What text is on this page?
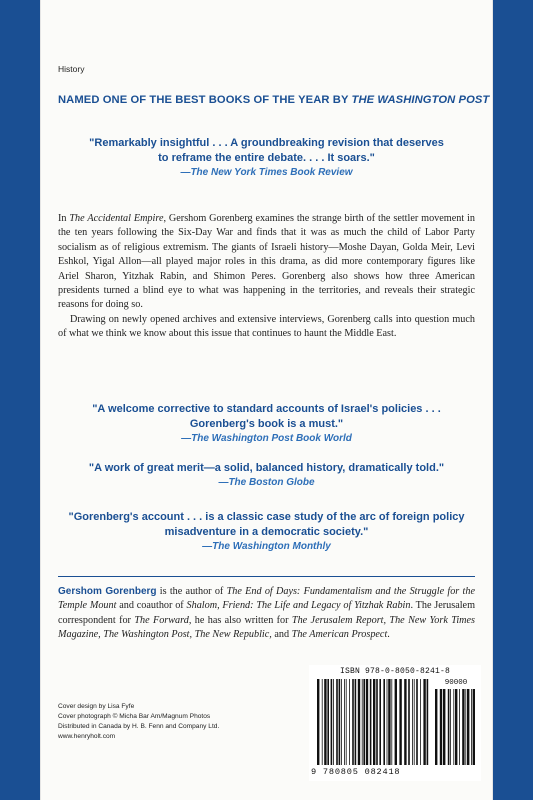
History
NAMED ONE OF THE BEST BOOKS OF THE YEAR BY THE WASHINGTON POST
"Remarkably insightful . . . A groundbreaking revision that deserves
to reframe the entire debate. . . . It soars."
—The New York Times Book Review

In The Accidental Empire, Gershom Gorenberg examines the strange birth of the settler movement in the ten years following the Six-Day War and finds that it was as much the child of Labor Party socialism as of religious extremism. The giants of Israeli history—Moshe Dayan, Golda Meir, Levi Eshkol, Yigal Allon—all played major roles in this drama, as did more contemporary figures like Ariel Sharon, Yitzhak Rabin, and Shimon Peres. Gorenberg also shows how three American presidents turned a blind eye to what was happening in the territories, and reveals their strategic reasons for doing so.

Drawing on newly opened archives and extensive interviews, Gorenberg calls into question much of what we think we know about this issue that continues to haunt the Middle East.

"A welcome corrective to standard accounts of Israel's policies . . .
Gorenberg's book is a must."
—The Washington Post Book World
"A work of great merit—a solid, balanced history, dramatically told."
—The Boston Globe
"Gorenberg's account . . . is a classic case study of the arc of foreign policy
misadventure in a democratic society."
—The Washington Monthly
Gershom Gorenberg is the author of The End of Days: Fundamentalism and the Struggle for the Temple Mount and coauthor of Shalom, Friend: The Life and Legacy of Yitzhak Rabin. The Jerusalem correspondent for The Forward, he has also written for The Jerusalem Report, The New York Times Magazine, The Washington Post, The New Republic, and The American Prospect.
Cover design by Lisa Fyfe
Cover photograph © Micha Bar Am/Magnum Photos
Distributed in Canada by H. B. Fenn and Company Ltd.
www.henryholt.com
ISBN 978-0-8050-8241-8
90000
9 780805 082418
